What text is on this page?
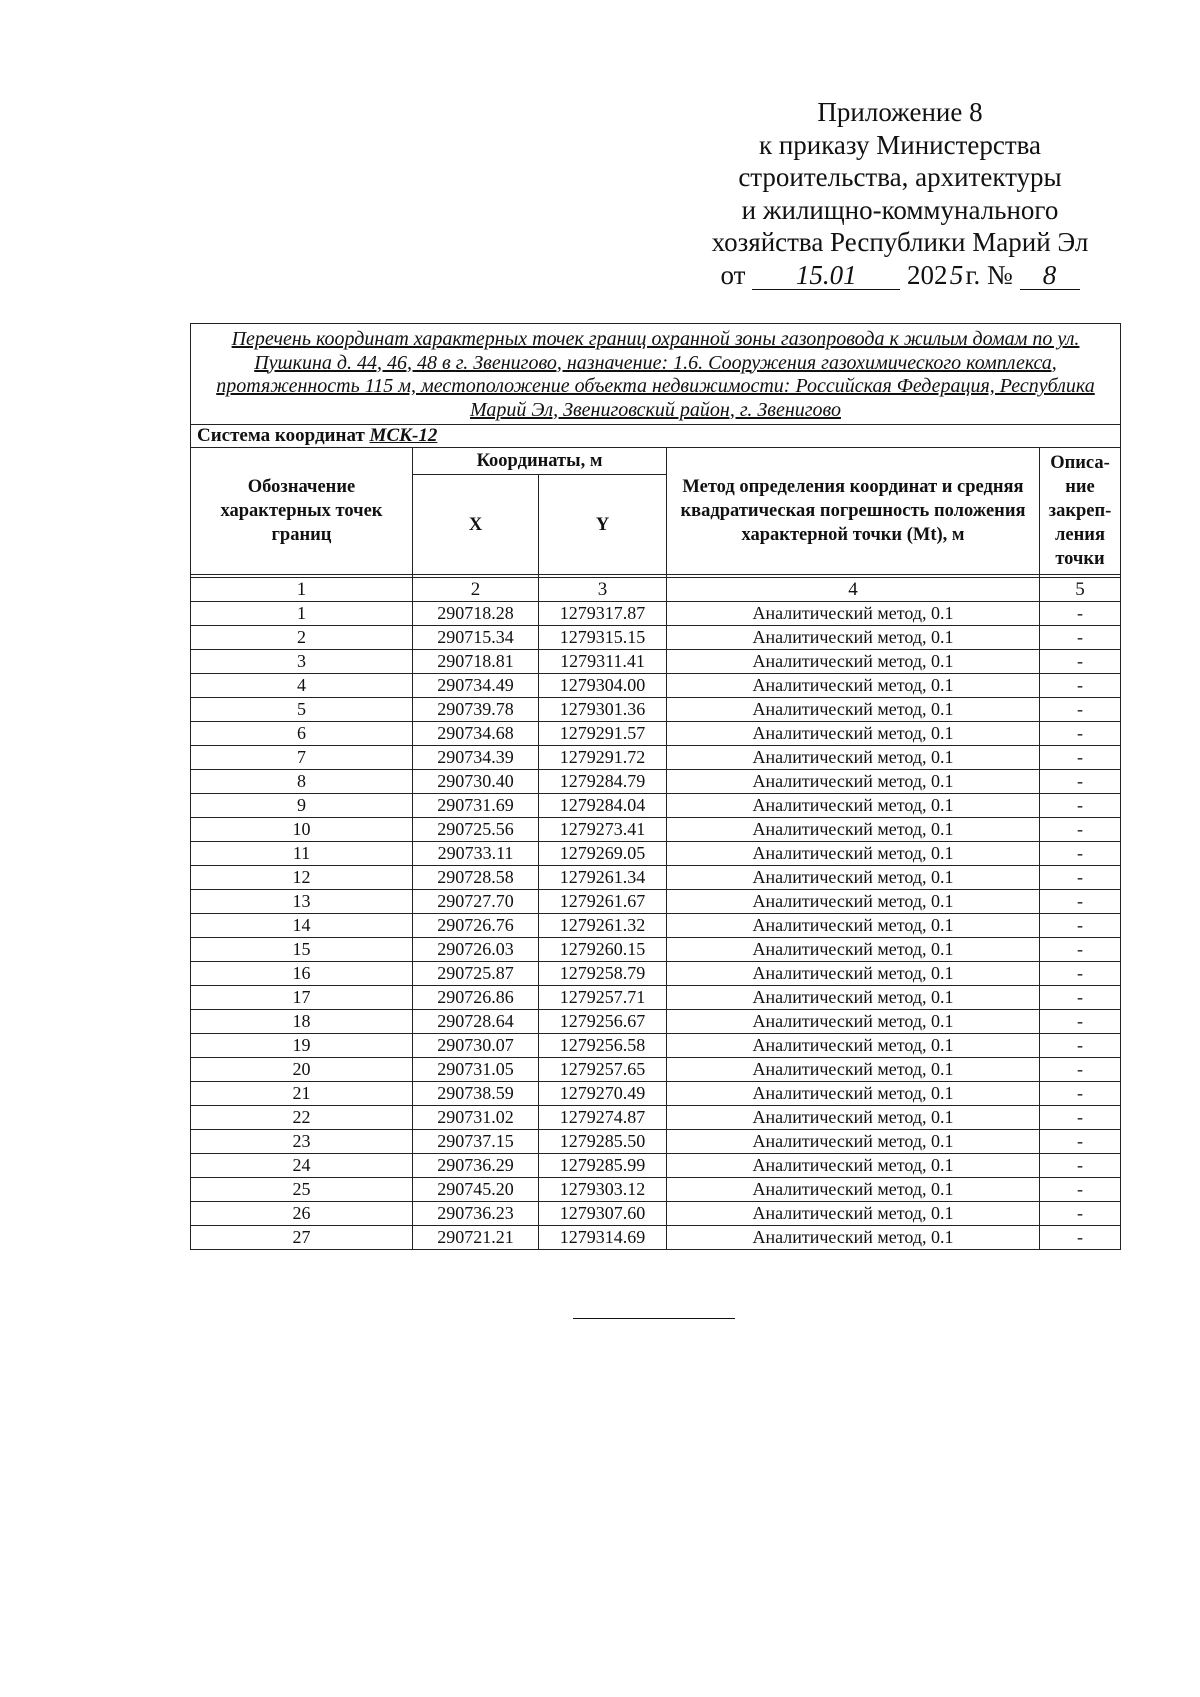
Приложение 8
к приказу Министерства
строительства, архитектуры
и жилищно-коммунального
хозяйства Республики Марий Эл
от 15.01 2025г. № 8
Перечень координат характерных точек границ охранной зоны газопровода к жилым домам по ул. Пушкина д. 44, 46, 48 в г. Звенигово, назначение: 1.6. Сооружения газохимического комплекса, протяженность 115 м, местоположение объекта недвижимости: Российская Федерация, Республика Марий Эл, Звениговский район, г. Звенигово				
Система координат МСК-12				
Обозначение характерных точек границ	Координаты, м		Метод определения координат и средняя квадратическая погрешность положения характерной точки (Mt), м	Описа-ние закреп-ления точки
	X	Y		

1	2	3	4	5
1	290718.28	1279317.87	Аналитический метод, 0.1	-
2	290715.34	1279315.15	Аналитический метод, 0.1	-
3	290718.81	1279311.41	Аналитический метод, 0.1	-
4	290734.49	1279304.00	Аналитический метод, 0.1	-
5	290739.78	1279301.36	Аналитический метод, 0.1	-
6	290734.68	1279291.57	Аналитический метод, 0.1	-
7	290734.39	1279291.72	Аналитический метод, 0.1	-
8	290730.40	1279284.79	Аналитический метод, 0.1	-
9	290731.69	1279284.04	Аналитический метод, 0.1	-
10	290725.56	1279273.41	Аналитический метод, 0.1	-
11	290733.11	1279269.05	Аналитический метод, 0.1	-
12	290728.58	1279261.34	Аналитический метод, 0.1	-
13	290727.70	1279261.67	Аналитический метод, 0.1	-
14	290726.76	1279261.32	Аналитический метод, 0.1	-
15	290726.03	1279260.15	Аналитический метод, 0.1	-
16	290725.87	1279258.79	Аналитический метод, 0.1	-
17	290726.86	1279257.71	Аналитический метод, 0.1	-
18	290728.64	1279256.67	Аналитический метод, 0.1	-
19	290730.07	1279256.58	Аналитический метод, 0.1	-
20	290731.05	1279257.65	Аналитический метод, 0.1	-
21	290738.59	1279270.49	Аналитический метод, 0.1	-
22	290731.02	1279274.87	Аналитический метод, 0.1	-
23	290737.15	1279285.50	Аналитический метод, 0.1	-
24	290736.29	1279285.99	Аналитический метод, 0.1	-
25	290745.20	1279303.12	Аналитический метод, 0.1	-
26	290736.23	1279307.60	Аналитический метод, 0.1	-
27	290721.21	1279314.69	Аналитический метод, 0.1	-
